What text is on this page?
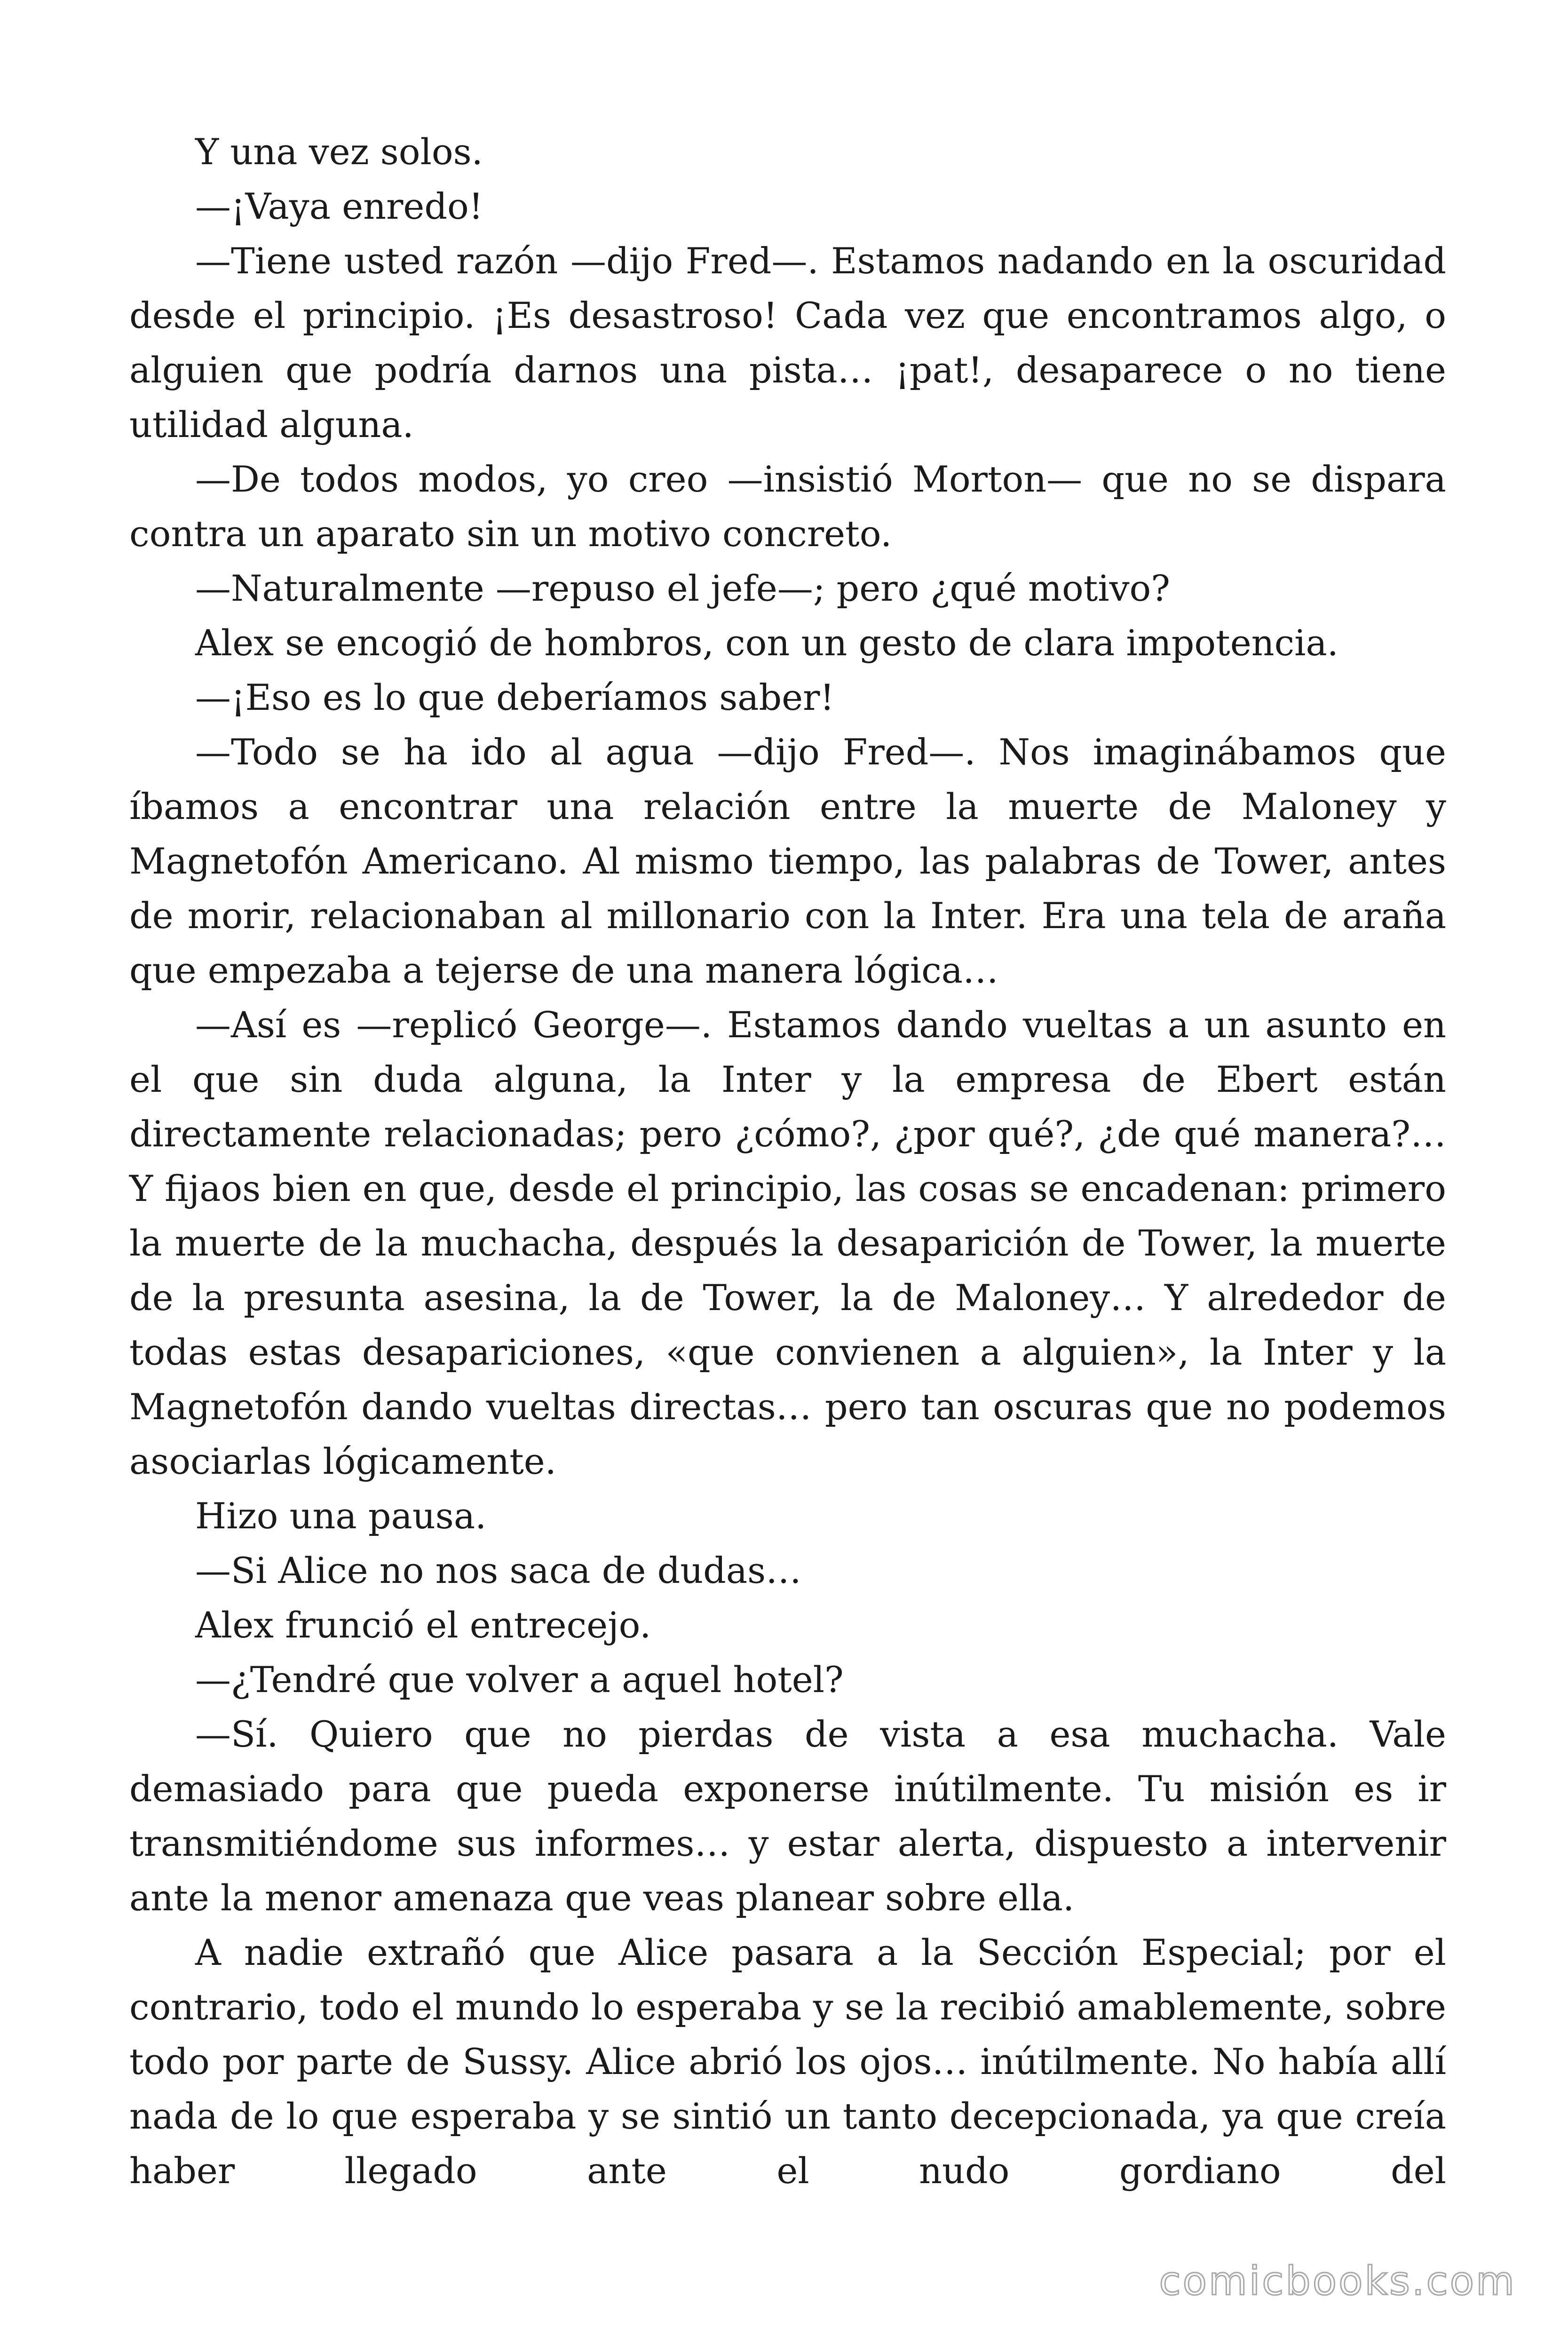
Y una vez solos.

—¡Vaya enredo!

—Tiene usted razón —dijo Fred—. Estamos nadando en la oscuridad desde el principio. ¡Es desastroso! Cada vez que encontramos algo, o alguien que podría darnos una pista… ¡pat!, desaparece o no tiene utilidad alguna.

—De todos modos, yo creo —insistió Morton— que no se dispara contra un aparato sin un motivo concreto.

—Naturalmente —repuso el jefe—; pero ¿qué motivo?

Alex se encogió de hombros, con un gesto de clara impotencia.

—¡Eso es lo que deberíamos saber!

—Todo se ha ido al agua —dijo Fred—. Nos imaginábamos que íbamos a encontrar una relación entre la muerte de Maloney y Magnetofón Americano. Al mismo tiempo, las palabras de Tower, antes de morir, relacionaban al millonario con la Inter. Era una tela de araña que empezaba a tejerse de una manera lógica…

—Así es —replicó George—. Estamos dando vueltas a un asunto en el que sin duda alguna, la Inter y la empresa de Ebert están directamente relacionadas; pero ¿cómo?, ¿por qué?, ¿de qué manera?… Y fijaos bien en que, desde el principio, las cosas se encadenan: primero la muerte de la muchacha, después la desaparición de Tower, la muerte de la presunta asesina, la de Tower, la de Maloney… Y alrededor de todas estas desapariciones, «que convienen a alguien», la Inter y la Magnetofón dando vueltas directas… pero tan oscuras que no podemos asociarlas lógicamente.

Hizo una pausa.

—Si Alice no nos saca de dudas…

Alex frunció el entrecejo.

—¿Tendré que volver a aquel hotel?

—Sí. Quiero que no pierdas de vista a esa muchacha. Vale demasiado para que pueda exponerse inútilmente. Tu misión es ir transmitiéndome sus informes… y estar alerta, dispuesto a intervenir ante la menor amenaza que veas planear sobre ella.

A nadie extrañó que Alice pasara a la Sección Especial; por el contrario, todo el mundo lo esperaba y se la recibió amablemente, sobre todo por parte de Sussy. Alice abrió los ojos… inútilmente. No había allí nada de lo que esperaba y se sintió un tanto decepcionada, ya que creía haber llegado ante el nudo gordiano del

comicbooks.com
